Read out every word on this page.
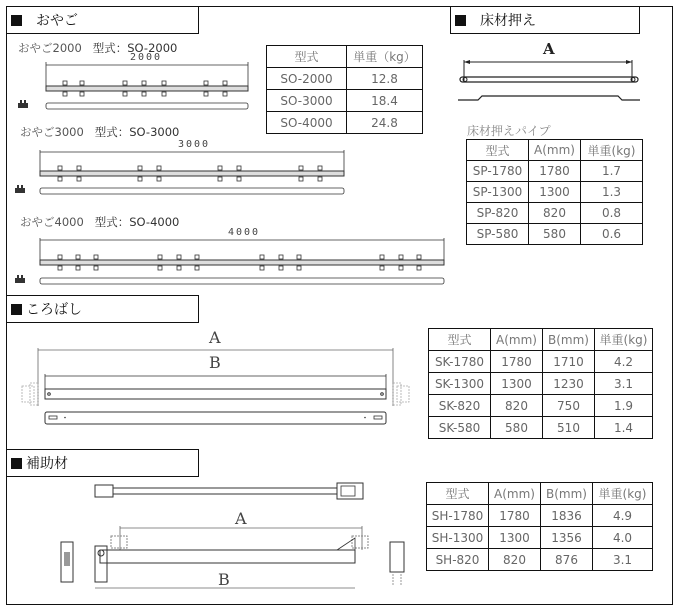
おやご
おやご2000 型式：SO-2000
2000
おやご3000 型式：SO-3000
3000
おやご4000 型式：SO-4000
4000
型式	単重（kg）
SO-2000	12.8
SO-3000	18.4
SO-4000	24.8
床材押え
A
床材押えパイプ
型式	A(mm)	単重(kg)
SP-1780	1780	1.7
SP-1300	1300	1.3
SP-820	820	0.8
SP-580	580	0.6
ころばし
A
B
型式	A(mm)	B(mm)	単重(kg)
SK-1780	1780	1710	4.2
SK-1300	1300	1230	3.1
SK-820	820	750	1.9
SK-580	580	510	1.4
補助材
A
B
型式	A(mm)	B(mm)	単重(kg)
SH-1780	1780	1836	4.9
SH-1300	1300	1356	4.0
SH-820	820	876	3.1
